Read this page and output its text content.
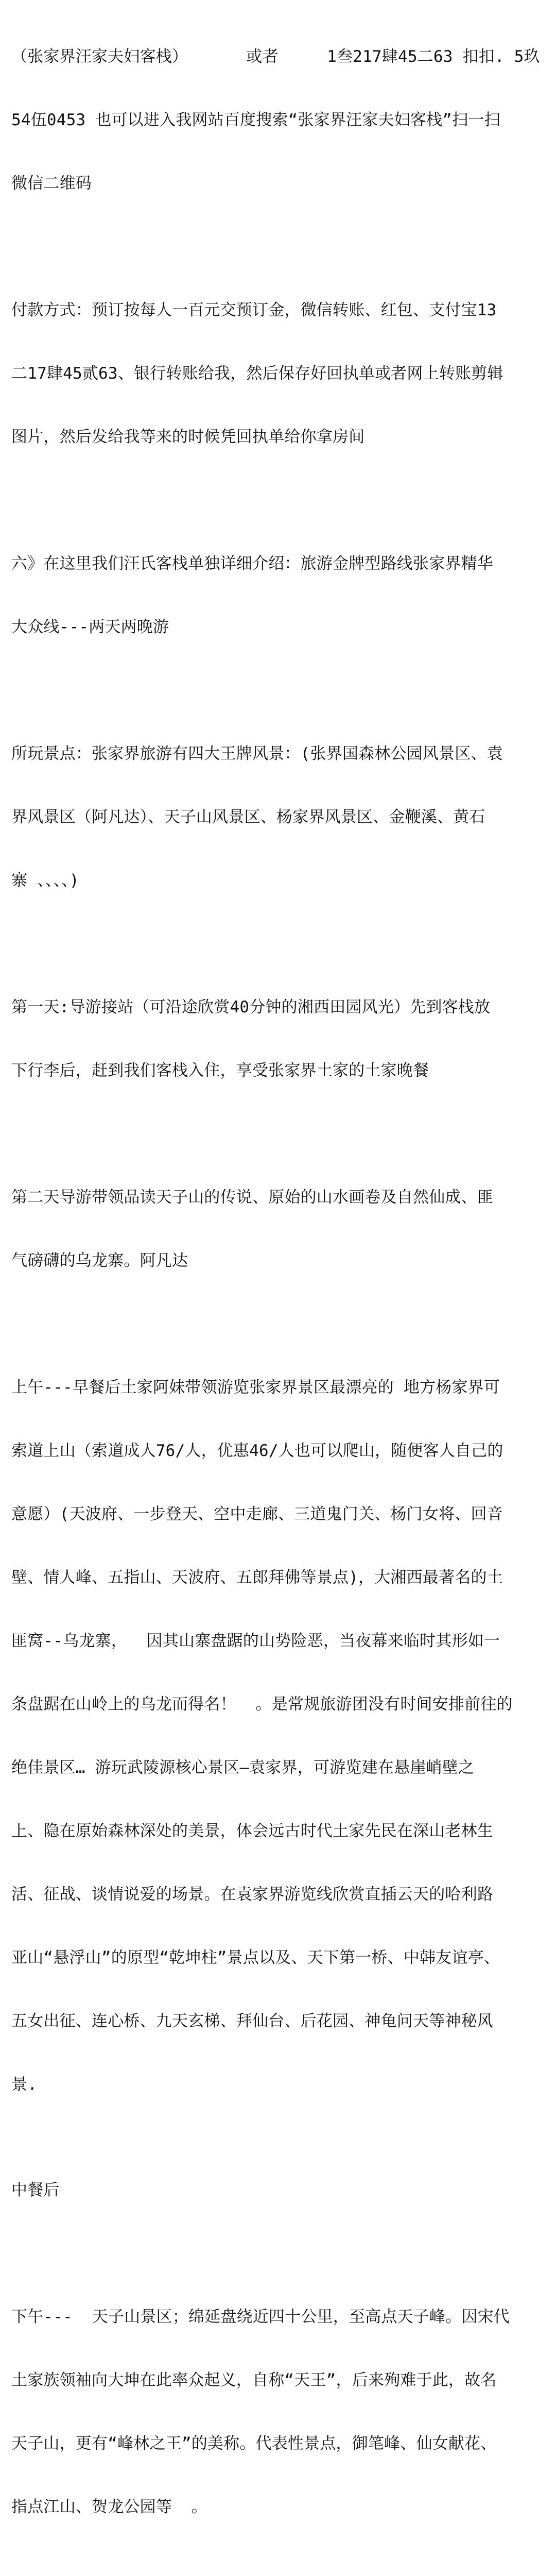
（张家界汪家夫妇客栈）      或者     1叁217肆45二63 扣扣. 5玖

54伍0453 也可以进入我网站百度搜索“张家界汪家夫妇客栈”扫一扫

微信二维码

付款方式：预订按每人一百元交预订金，微信转账、红包、支付宝13

二17肆45贰63、银行转账给我，然后保存好回执单或者网上转账剪辑

图片，然后发给我等来的时候凭回执单给你拿房间

六》在这里我们汪氏客栈单独详细介绍：旅游金牌型路线张家界精华

大众线---两天两晚游

所玩景点：张家界旅游有四大王牌风景：(张界国森林公园风景区、袁

界风景区（阿凡达）、天子山风景区、杨家界风景区、金鞭溪、黄石

寨 、、、、)

第一天:导游接站（可沿途欣赏40分钟的湘西田园风光）先到客栈放

下行李后，赶到我们客栈入住，享受张家界土家的土家晚餐

第二天导游带领品读天子山的传说、原始的山水画卷及自然仙成、匪

气磅礴的乌龙寨。阿凡达

上午---早餐后土家阿妹带领游览张家界景区最漂亮的 地方杨家界可

索道上山（索道成人76/人，优惠46/人也可以爬山，随便客人自己的

意愿）(天波府、一步登天、空中走廊、三道鬼门关、杨门女将、回音

壁、情人峰、五指山、天波府、五郎拜佛等景点)，大湘西最著名的土

匪窝--乌龙寨，  因其山寨盘踞的山势险恶，当夜幕来临时其形如一

条盘踞在山岭上的乌龙而得名！  。是常规旅游团没有时间安排前往的

绝佳景区… 游玩武陵源核心景区—袁家界，可游览建在悬崖峭壁之

上、隐在原始森林深处的美景，体会远古时代土家先民在深山老林生

活、征战、谈情说爱的场景。在袁家界游览线欣赏直插云天的哈利路

亚山“悬浮山”的原型“乾坤柱”景点以及、天下第一桥、中韩友谊亭、

五女出征、连心桥、九天玄梯、拜仙台、后花园、神龟问天等神秘风

景.

中餐后

下午---  天子山景区；绵延盘绕近四十公里，至高点天子峰。因宋代

土家族领袖向大坤在此率众起义，自称“天王”，后来殉难于此，故名

天子山，更有“峰林之王”的美称。代表性景点，御笔峰、仙女献花、

指点江山、贺龙公园等  。
